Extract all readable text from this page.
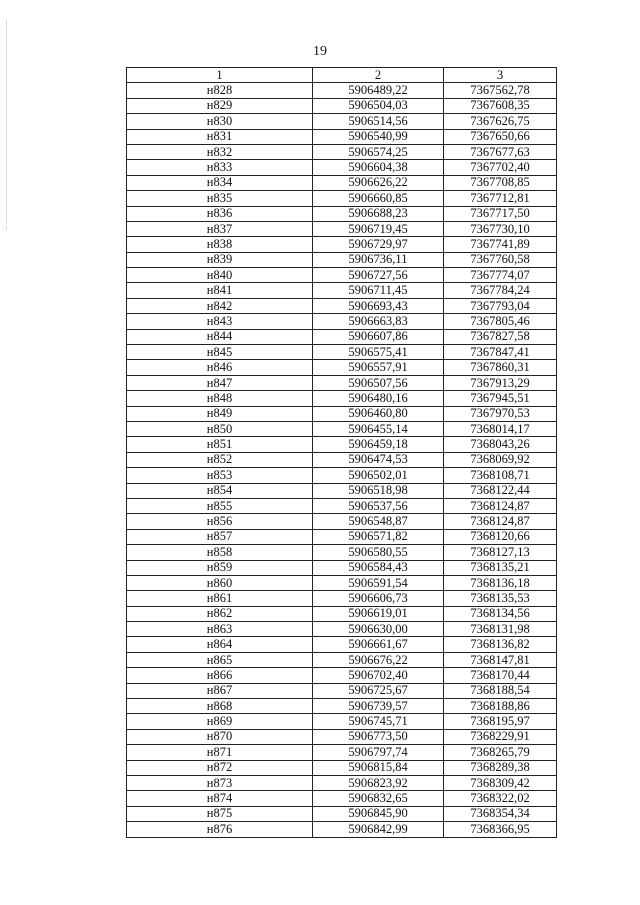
19
1	2	3
н828	5906489,22	7367562,78
н829	5906504,03	7367608,35
н830	5906514,56	7367626,75
н831	5906540,99	7367650,66
н832	5906574,25	7367677,63
н833	5906604,38	7367702,40
н834	5906626,22	7367708,85
н835	5906660,85	7367712,81
н836	5906688,23	7367717,50
н837	5906719,45	7367730,10
н838	5906729,97	7367741,89
н839	5906736,11	7367760,58
н840	5906727,56	7367774,07
н841	5906711,45	7367784,24
н842	5906693,43	7367793,04
н843	5906663,83	7367805,46
н844	5906607,86	7367827,58
н845	5906575,41	7367847,41
н846	5906557,91	7367860,31
н847	5906507,56	7367913,29
н848	5906480,16	7367945,51
н849	5906460,80	7367970,53
н850	5906455,14	7368014,17
н851	5906459,18	7368043,26
н852	5906474,53	7368069,92
н853	5906502,01	7368108,71
н854	5906518,98	7368122,44
н855	5906537,56	7368124,87
н856	5906548,87	7368124,87
н857	5906571,82	7368120,66
н858	5906580,55	7368127,13
н859	5906584,43	7368135,21
н860	5906591,54	7368136,18
н861	5906606,73	7368135,53
н862	5906619,01	7368134,56
н863	5906630,00	7368131,98
н864	5906661,67	7368136,82
н865	5906676,22	7368147,81
н866	5906702,40	7368170,44
н867	5906725,67	7368188,54
н868	5906739,57	7368188,86
н869	5906745,71	7368195,97
н870	5906773,50	7368229,91
н871	5906797,74	7368265,79
н872	5906815,84	7368289,38
н873	5906823,92	7368309,42
н874	5906832,65	7368322,02
н875	5906845,90	7368354,34
н876	5906842,99	7368366,95
